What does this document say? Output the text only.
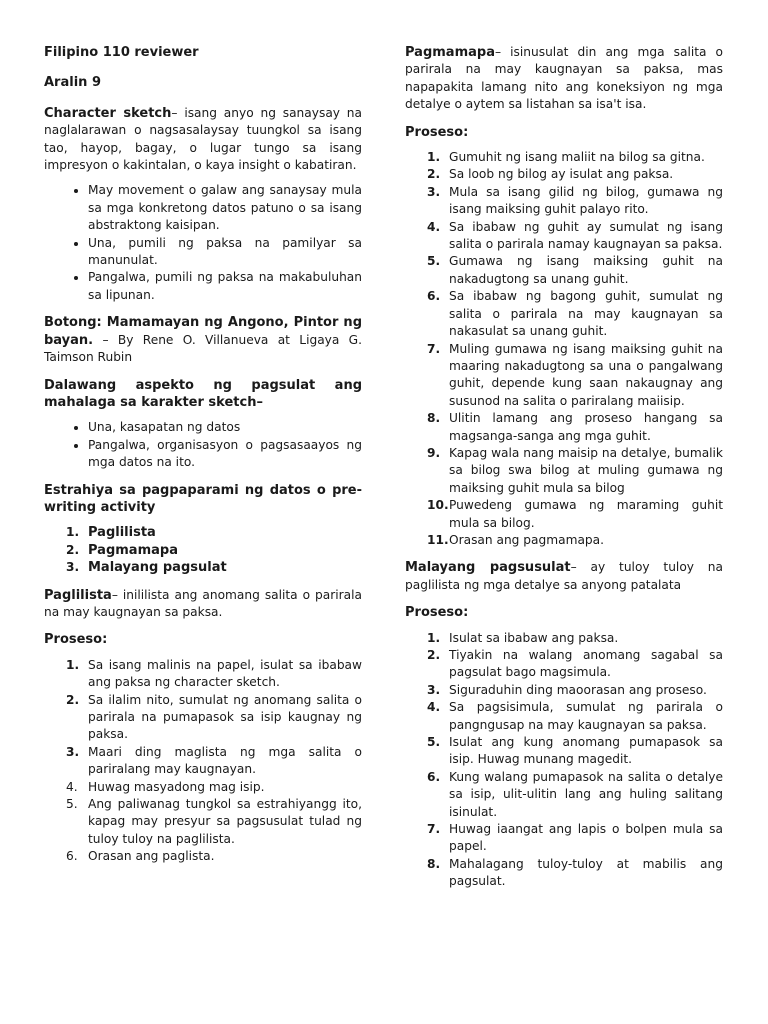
Filipino 110 reviewer

Aralin 9

Character sketch– isang anyo ng sanaysay na naglalarawan o nagsasalaysay tuungkol sa isang tao, hayop, bagay, o lugar tungo sa isang impresyon o kakintalan, o kaya insight o kabatiran.

• May movement o galaw ang sanaysay mula sa mga konkretong datos patuno o sa isang abstraktong kaisipan.
• Una, pumili ng paksa na pamilyar sa manunulat.
• Pangalwa, pumili ng paksa na makabuluhan sa lipunan.

Botong: Mamamayan ng Angono, Pintor ng bayan. – By Rene O. Villanueva at Ligaya G. Taimson Rubin

Dalawang aspekto ng pagsulat ang mahalaga sa karakter sketch–

• Una, kasapatan ng datos
• Pangalwa, organisasyon o pagsasaayos ng mga datos na ito.

Estrahiya sa pagpaparami ng datos o pre-writing activity

1. Paglilista
2. Pagmamapa
3. Malayang pagsulat

Paglilista– inililista ang anomang salita o parirala na may kaugnayan sa paksa.

Proseso:

1. Sa isang malinis na papel, isulat sa ibabaw ang paksa ng character sketch.
2. Sa ilalim nito, sumulat ng anomang salita o parirala na pumapasok sa isip kaugnay ng paksa.
3. Maari ding maglista ng mga salita o pariralang may kaugnayan.
4. Huwag masyadong mag isip.
5. Ang paliwanag tungkol sa estrahiyangg ito, kapag may presyur sa pagsusulat tulad ng tuloy tuloy na paglilista.
6. Orasan ang paglista.

Pagmamapa– isinusulat din ang mga salita o parirala na may kaugnayan sa paksa, mas napapakita lamang nito ang koneksiyon ng mga detalye o aytem sa listahan sa isa't isa.

Proseso:

1. Gumuhit ng isang maliit na bilog sa gitna.
2. Sa loob ng bilog ay isulat ang paksa.
3. Mula sa isang gilid ng bilog, gumawa ng isang maiksing guhit palayo rito.
4. Sa ibabaw ng guhit ay sumulat ng isang salita o parirala namay kaugnayan sa paksa.
5. Gumawa ng isang maiksing guhit na nakadugtong sa unang guhit.
6. Sa ibabaw ng bagong guhit, sumulat ng salita o parirala na may kaugnayan sa nakasulat sa unang guhit.
7. Muling gumawa ng isang maiksing guhit na maaring nakadugtong sa una o pangalwang guhit, depende kung saan nakaugnay ang susunod na salita o pariralang maiisip.
8. Ulitin lamang ang proseso hangang sa magsanga-sanga ang mga guhit.
9. Kapag wala nang maisip na detalye, bumalik sa bilog swa bilog at muling gumawa ng maiksing guhit mula sa bilog
10. Puwedeng gumawa ng maraming guhit mula sa bilog.
11. Orasan ang pagmamapa.

Malayang pagsusulat– ay tuloy tuloy na paglilista ng mga detalye sa anyong patalata

Proseso:

1. Isulat sa ibabaw ang paksa.
2. Tiyakin na walang anomang sagabal sa pagsulat bago magsimula.
3. Siguraduhin ding maoorasan ang proseso.
4. Sa pagsisimula, sumulat ng parirala o pangngusap na may kaugnayan sa paksa.
5. Isulat ang kung anomang pumapasok sa isip. Huwag munang magedit.
6. Kung walang pumapasok na salita o detalye sa isip, ulit-ulitin lang ang huling salitang isinulat.
7. Huwag iaangat ang lapis o bolpen mula sa papel.
8. Mahalagang tuloy-tuloy at mabilis ang pagsulat.
